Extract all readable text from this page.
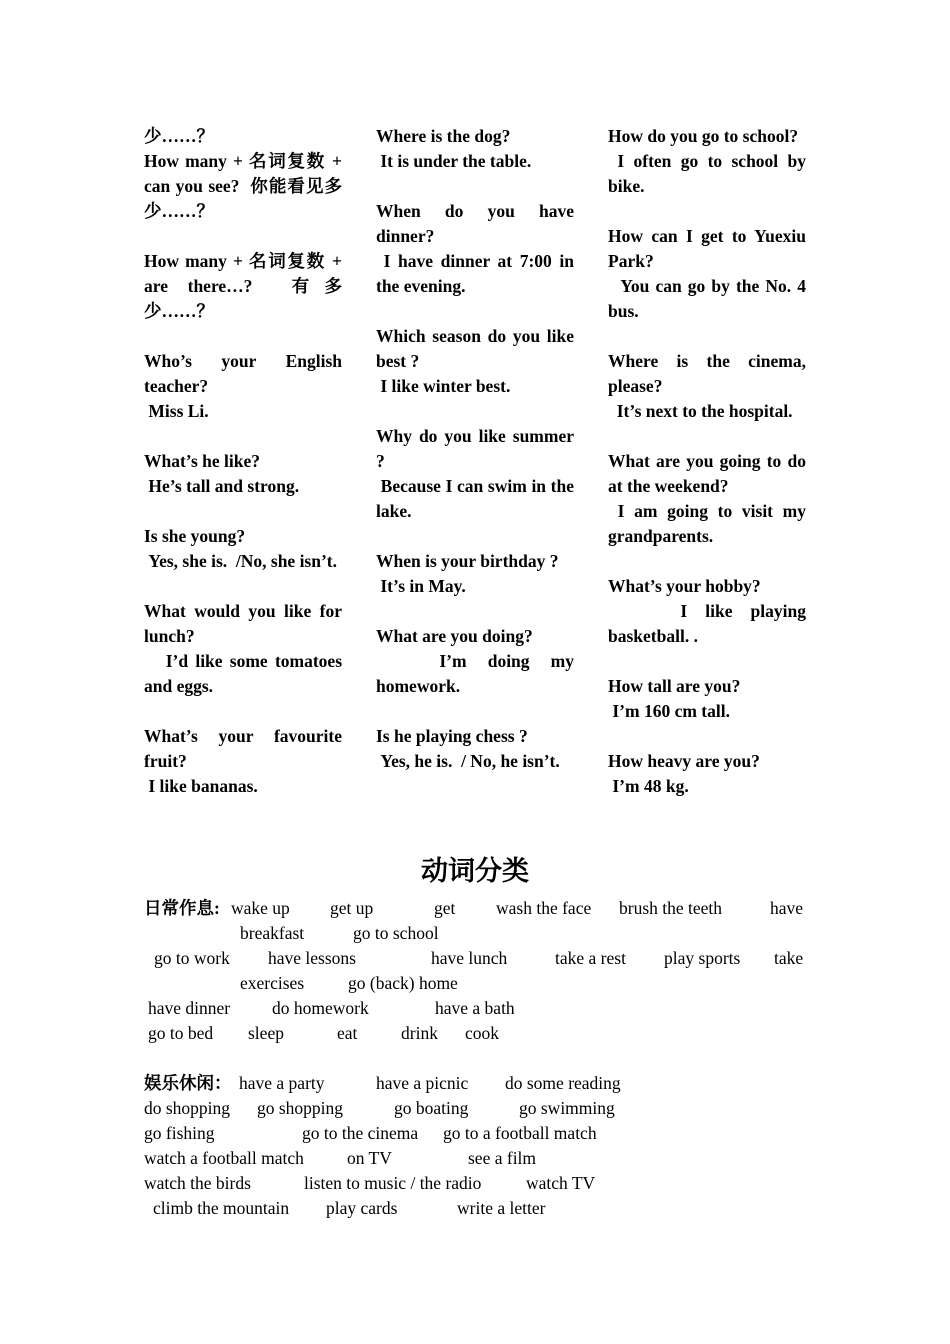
少……？

How many + 名词复数 + can you see?  你能看见多少……？

How many + 名词复数 + are there…?  有多少……？

Who’s your English teacher?

Miss Li.

What’s he like?

He’s tall and strong.

Is she young?

Yes, she is.  /No, she isn’t.

What would you like for lunch?

I’d like some tomatoes and eggs.

What’s your favourite fruit?

I like bananas.

Where is the dog?

It is under the table.

When do you have dinner?

I have dinner at 7:00 in the evening.

Which season do you like best ?

I like winter best.

Why do you like summer ?

Because I can swim in the lake.

When is your birthday ?

It’s in May.

What are you doing?

I’m doing my homework.

Is he playing chess ?

Yes, he is.  / No, he isn’t.

How do you go to school?

I often go to school by bike.

How can I get to Yuexiu Park?

You can go by the No. 4 bus.

Where is the cinema, please?

It’s next to the hospital.

What are you going to do at the weekend?

I am going to visit my grandparents.

What’s your hobby?

I like playing basketball. .

How tall are you?

I’m 160 cm tall.

How heavy are you?

I’m 48 kg.

动词分类
日常作息: wake up get up	get wash the face brush the teeth	have
breakfast	go to school
go to work have lessons	have lunch	take a rest play sports take
exercises	go (back) home
have dinner do homework	have a bath
go to bed sleep	eat drink cook
娱乐休闲： have a party	have a picnic do some reading
do shopping go shopping	go boating	go swimming
go fishing	go to the cinema go to a football match
watch a football match on TV	see a film
watch the birds	listen to music / the radio	watch TV
climb the mountain play cards	write a letter
